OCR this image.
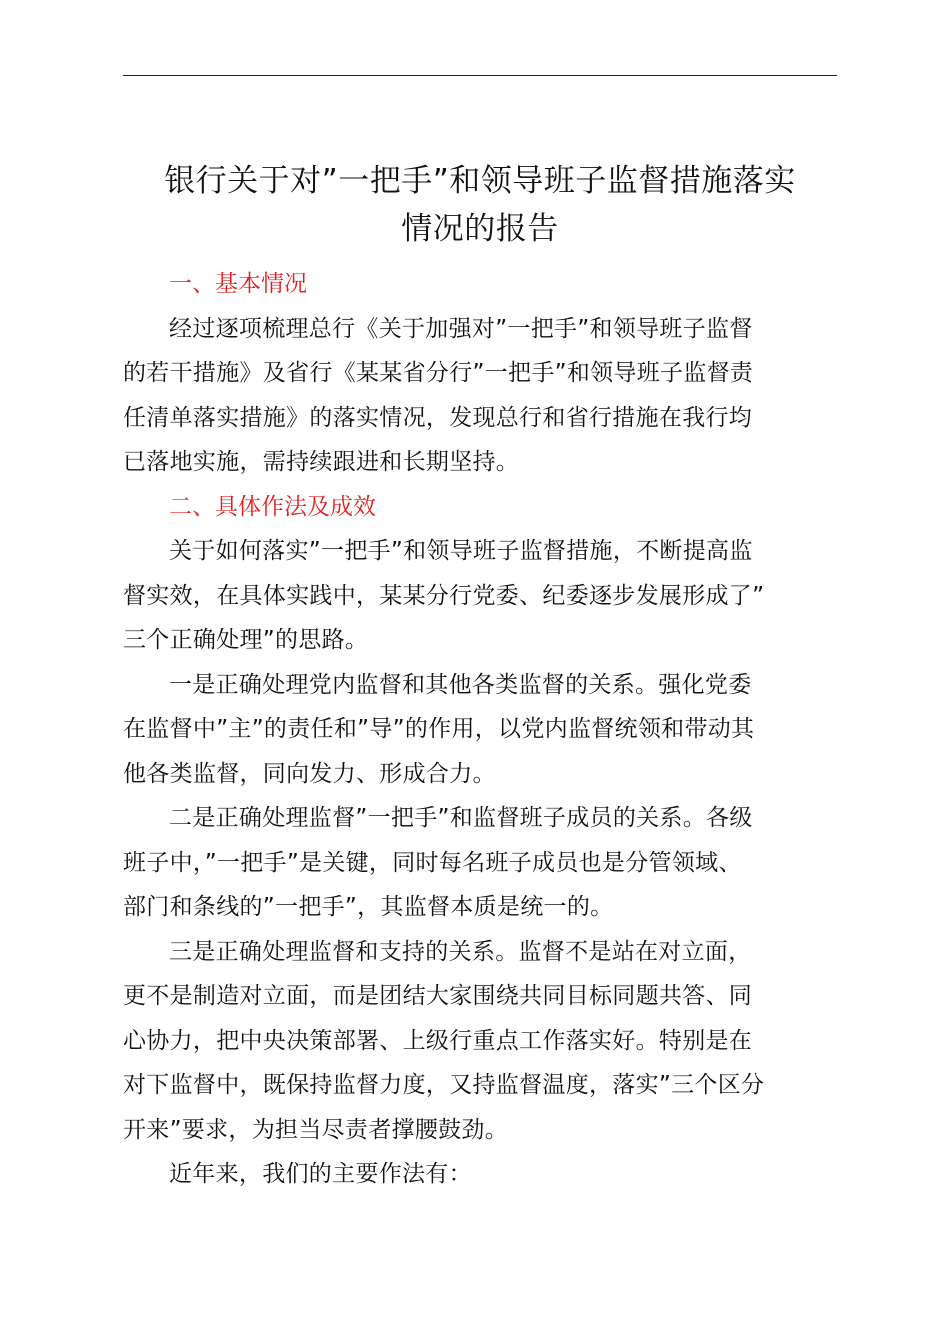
银行关于对”一把手”和领导班子监督措施落实
情况的报告

一、基本情况

经过逐项梳理总行《关于加强对”一把手”和领导班子监督
的若干措施》及省行《某某省分行”一把手”和领导班子监督责
任清单落实措施》的落实情况，发现总行和省行措施在我行均
已落地实施，需持续跟进和长期坚持。

二、具体作法及成效

关于如何落实”一把手”和领导班子监督措施，不断提高监
督实效，在具体实践中，某某分行党委、纪委逐步发展形成了”
三个正确处理”的思路。
一是正确处理党内监督和其他各类监督的关系。强化党委
在监督中”主”的责任和”导”的作用，以党内监督统领和带动其
他各类监督，同向发力、形成合力。
二是正确处理监督”一把手”和监督班子成员的关系。各级
班子中，”一把手”是关键，同时每名班子成员也是分管领域、
部门和条线的”一把手”，其监督本质是统一的。
三是正确处理监督和支持的关系。监督不是站在对立面，
更不是制造对立面，而是团结大家围绕共同目标同题共答、同
心协力，把中央决策部署、上级行重点工作落实好。特别是在
对下监督中，既保持监督力度，又持监督温度，落实”三个区分
开来”要求，为担当尽责者撑腰鼓劲。
近年来，我们的主要作法有：
